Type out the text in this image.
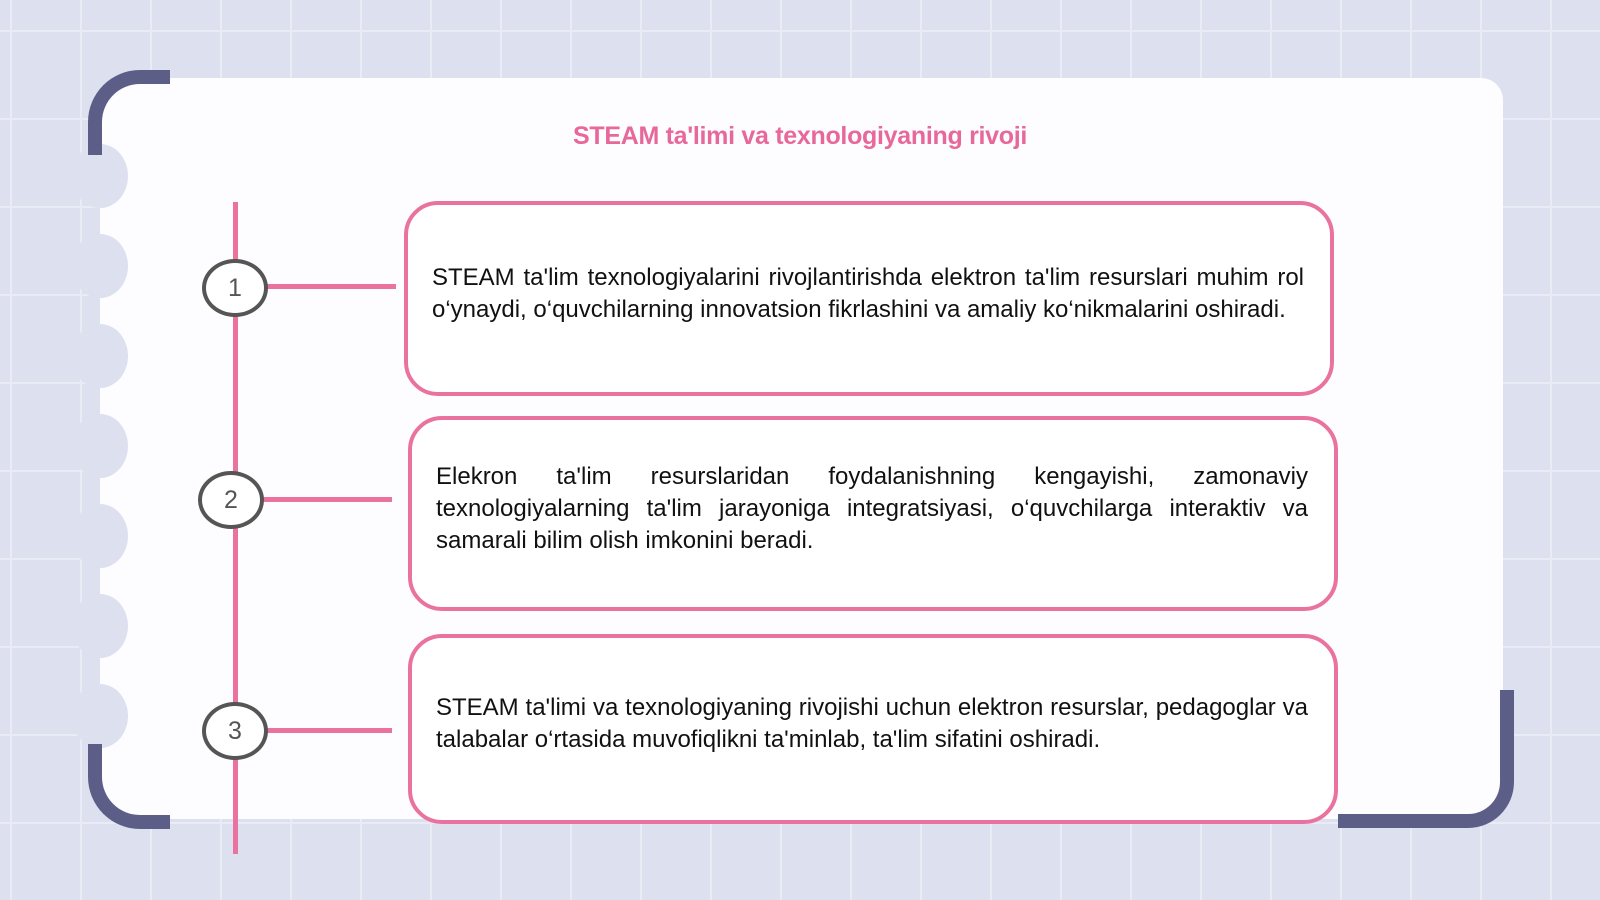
STEAM ta'limi va texnologiyaning rivoji
1	STEAM ta'lim texnologiyalarini rivojlantirishda elektron ta'lim resurslari muhim rol o‘ynaydi, o‘quvchilarning innovatsion fikrlashini va amaliy ko‘nikmalarini oshiradi.

2

Elekron ta'lim resurslaridan foydalanishning kengayishi, zamonaviy texnologiyalarning ta'lim jarayoniga integratsiyasi, o‘quvchilarga interaktiv va samarali bilim olish imkonini beradi.

3

STEAM ta'limi va texnologiyaning rivojishi uchun elektron resurslar, pedagoglar va talabalar o‘rtasida muvofiqlikni ta'minlab, ta'lim sifatini oshiradi.
